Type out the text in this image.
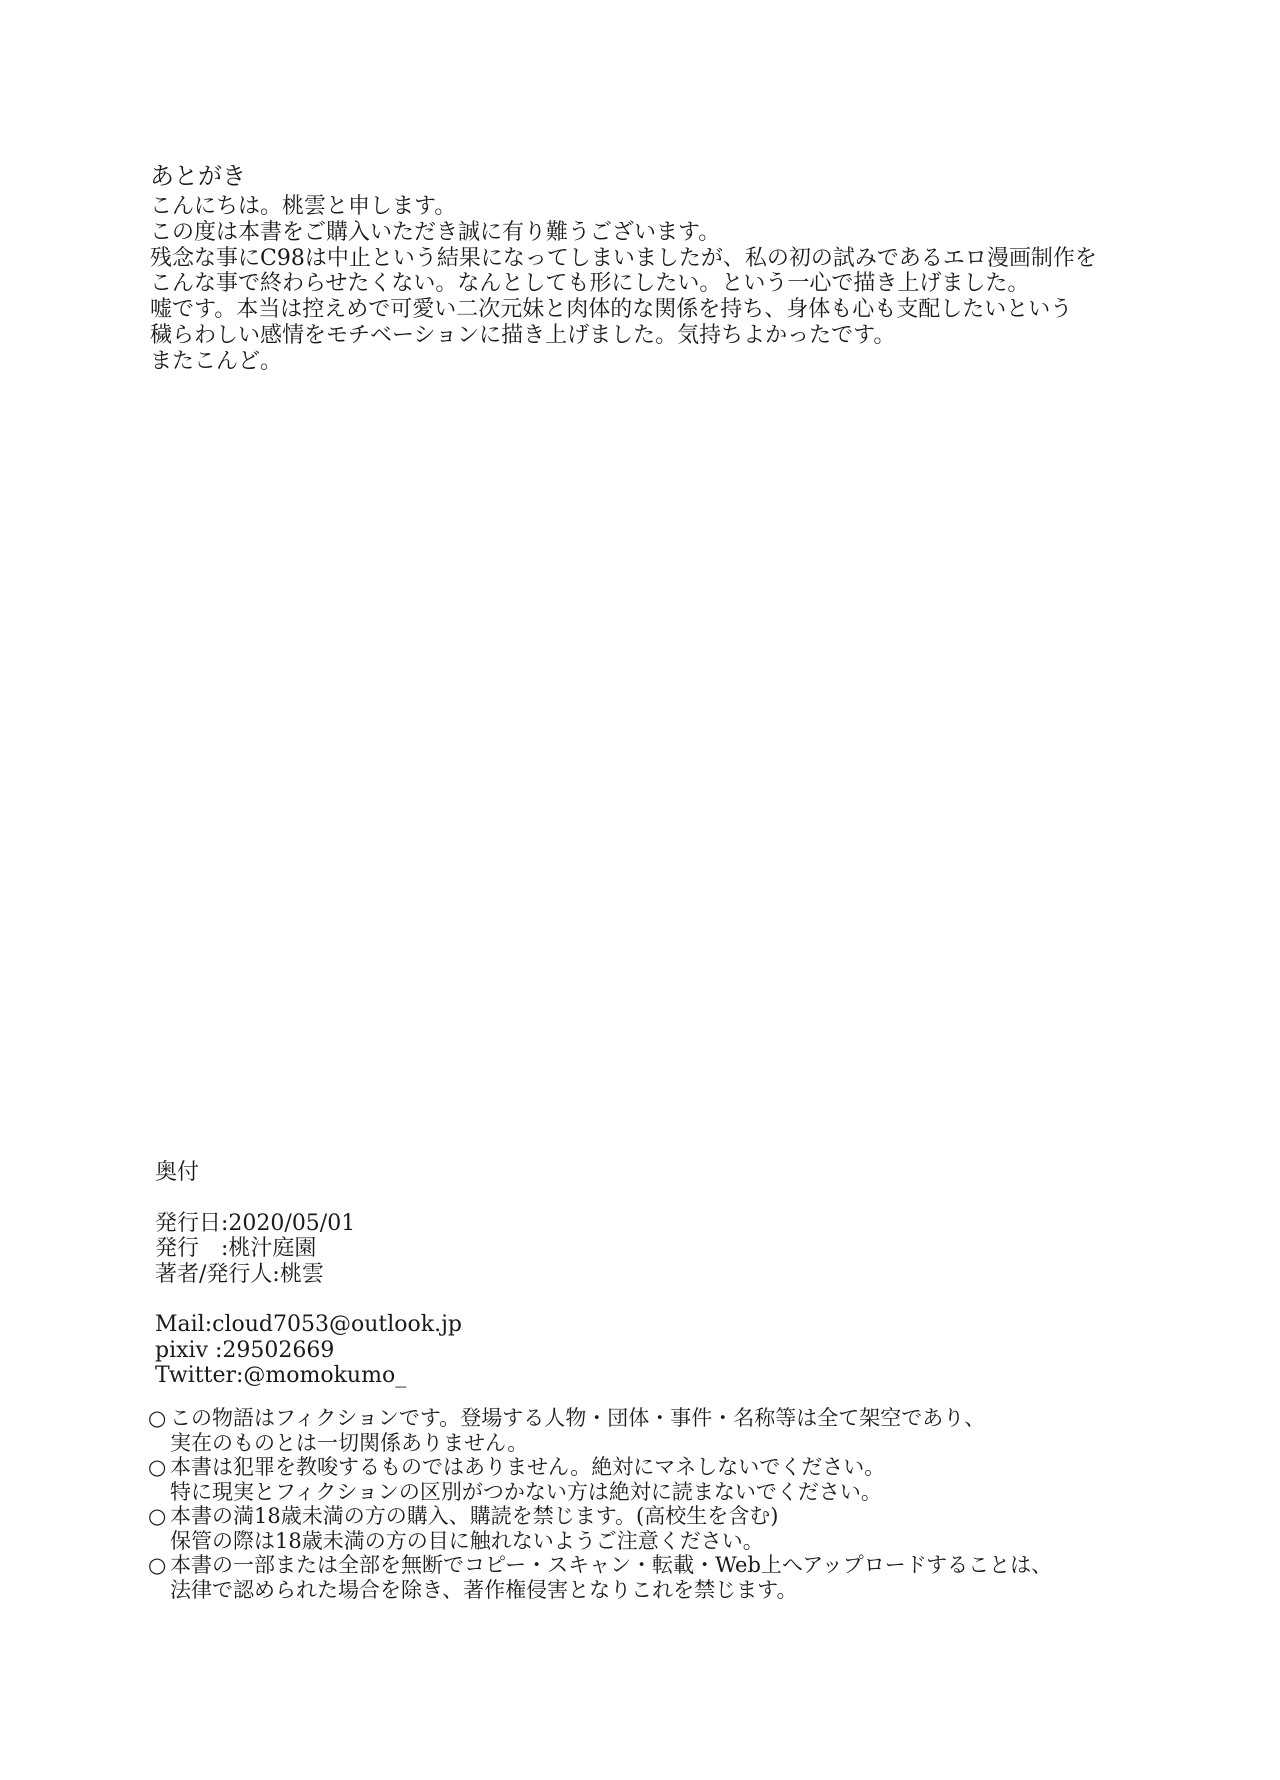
あとがき
こんにちは。桃雲と申します。
この度は本書をご購入いただき誠に有り難うございます。
残念な事にC98は中止という結果になってしまいましたが、私の初の試みであるエロ漫画制作を
こんな事で終わらせたくない。なんとしても形にしたい。という一心で描き上げました。
嘘です。本当は控えめで可愛い二次元妹と肉体的な関係を持ち、身体も心も支配したいという
穢らわしい感情をモチベーションに描き上げました。気持ちよかったです。
またこんど。
奥付
発行日:2020/05/01
発行　:桃汁庭園
著者/発行人:桃雲
Mail:cloud7053@outlook.jp
pixiv :29502669
Twitter:@momokumo_
○ この物語はフィクションです。登場する人物・団体・事件・名称等は全て架空であり、
実在のものとは一切関係ありません。
○ 本書は犯罪を教唆するものではありません。絶対にマネしないでください。
特に現実とフィクションの区別がつかない方は絶対に読まないでください。
○ 本書の満18歳未満の方の購入、購読を禁じます。(高校生を含む)
保管の際は18歳未満の方の目に触れないようご注意ください。
○ 本書の一部または全部を無断でコピー・スキャン・転載・Web上へアップロードすることは、
法律で認められた場合を除き、著作権侵害となりこれを禁じます。
